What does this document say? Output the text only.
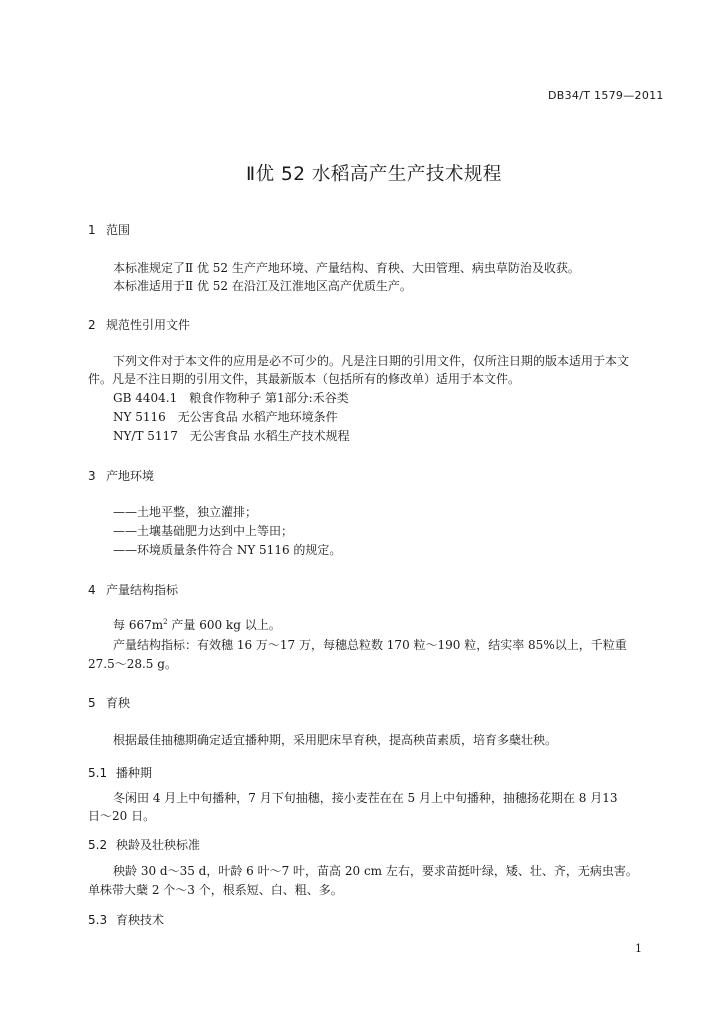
DB34/T 1579—2011
Ⅱ优 52 水稻高产生产技术规程
1 范围
本标准规定了Ⅱ 优 52 生产产地环境、产量结构、育秧、大田管理、病虫草防治及收获。
本标准适用于Ⅱ 优 52 在沿江及江淮地区高产优质生产。
2 规范性引用文件
下列文件对于本文件的应用是必不可少的。凡是注日期的引用文件，仅所注日期的版本适用于本文
件。凡是不注日期的引用文件，其最新版本（包括所有的修改单）适用于本文件。
GB 4404.1　粮食作物种子 第1部分:禾谷类
NY 5116　无公害食品 水稻产地环境条件
NY/T 5117　无公害食品 水稻生产技术规程
3 产地环境
——土地平整，独立灌排；
——土壤基础肥力达到中上等田；
——环境质量条件符合 NY 5116 的规定。
4 产量结构指标
每 $667m^2$ 产量 600 kg 以上。
产量结构指标：有效穗 16 万～17 万，每穗总粒数 170 粒～190 粒，结实率 85%以上，千粒重
27.5～28.5 g。
5 育秧
根据最佳抽穗期确定适宜播种期，采用肥床旱育秧，提高秧苗素质，培育多蘖壮秧。
5.1 播种期
冬闲田 4 月上中旬播种，7 月下旬抽穗，接小麦茬在在 5 月上中旬播种，抽穗扬花期在 8 月13
日～20 日。
5.2 秧龄及壮秧标准
秧龄 30 d～35 d，叶龄 6 叶～7 叶，苗高 20 cm 左右，要求苗挺叶绿，矮、壮、齐，无病虫害。
单株带大蘖 2 个～3 个，根系短、白、粗、多。
5.3 育秧技术
1
